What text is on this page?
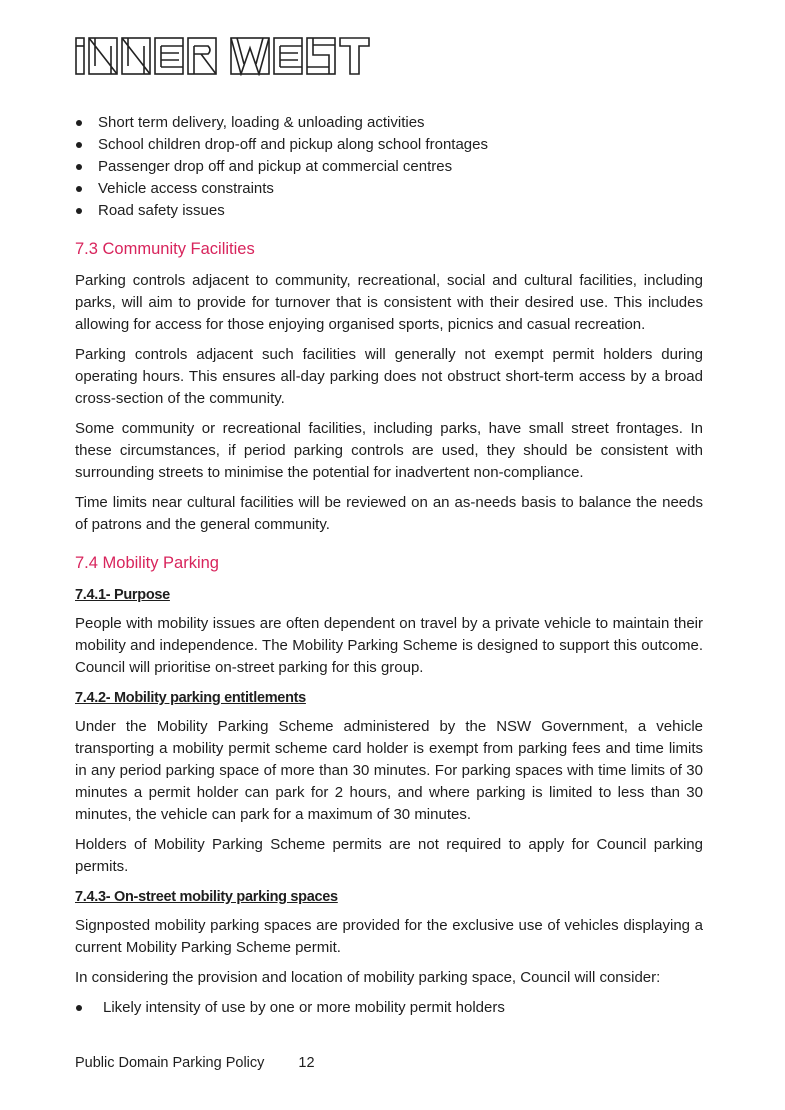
Short term delivery, loading & unloading activities
School children drop-off and pickup along school frontages
Passenger drop off and pickup at commercial centres
Vehicle access constraints
Road safety issues
7.3 Community Facilities

Parking controls adjacent to community, recreational, social and cultural facilities, including parks, will aim to provide for turnover that is consistent with their desired use. This includes allowing for access for those enjoying organised sports, picnics and casual recreation.

Parking controls adjacent such facilities will generally not exempt permit holders during operating hours. This ensures all-day parking does not obstruct short-term access by a broad cross-section of the community.

Some community or recreational facilities, including parks, have small street frontages. In these circumstances, if period parking controls are used, they should be consistent with surrounding streets to minimise the potential for inadvertent non-compliance.

Time limits near cultural facilities will be reviewed on an as-needs basis to balance the needs of patrons and the general community.

7.4 Mobility Parking
7.4.1- Purpose

People with mobility issues are often dependent on travel by a private vehicle to maintain their mobility and independence. The Mobility Parking Scheme is designed to support this outcome. Council will prioritise on-street parking for this group.

7.4.2- Mobility parking entitlements

Under the Mobility Parking Scheme administered by the NSW Government, a vehicle transporting a mobility permit scheme card holder is exempt from parking fees and time limits in any period parking space of more than 30 minutes. For parking spaces with time limits of 30 minutes a permit holder can park for 2 hours, and where parking is limited to less than 30 minutes, the vehicle can park for a maximum of 30 minutes.

Holders of Mobility Parking Scheme permits are not required to apply for Council parking permits.

7.4.3- On-street mobility parking spaces

Signposted mobility parking spaces are provided for the exclusive use of vehicles displaying a current Mobility Parking Scheme permit.

In considering the provision and location of mobility parking space, Council will consider:

Likely intensity of use by one or more mobility permit holders
Public Domain Parking Policy 12
